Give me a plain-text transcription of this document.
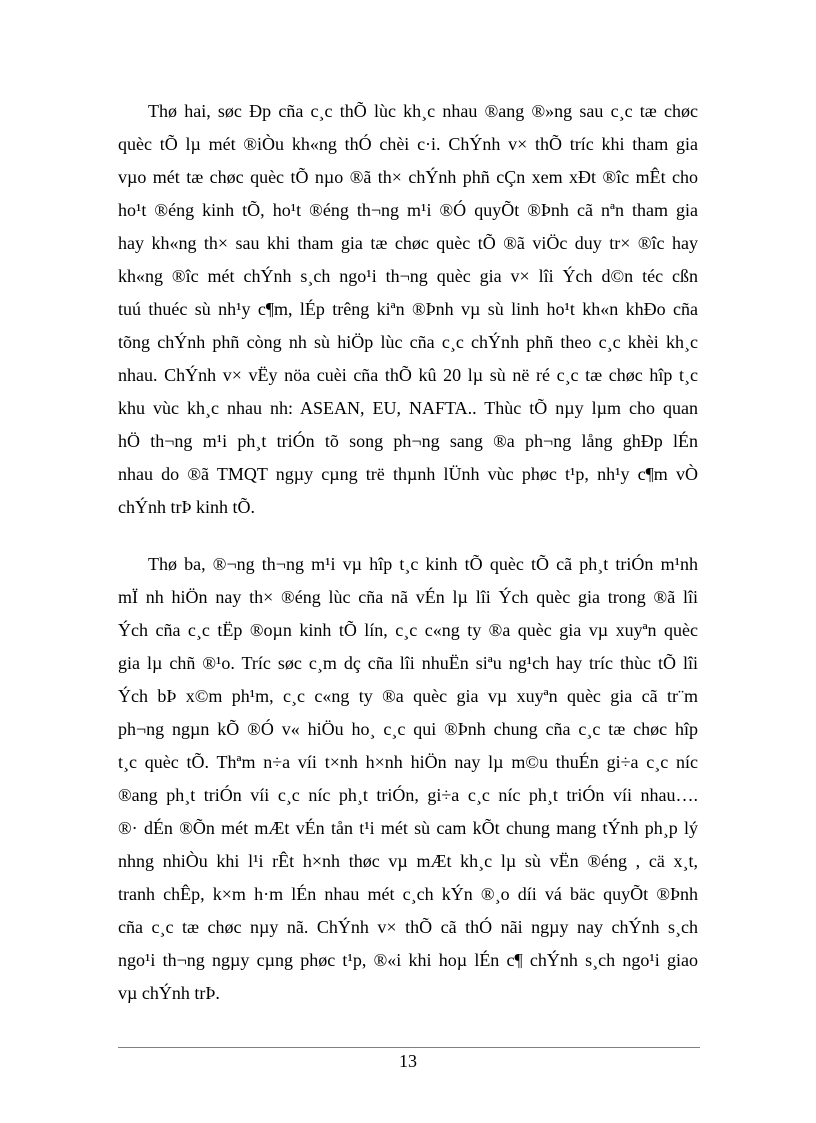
Thø hai, søc Ðp cña c¸c thÕ lùc kh¸c nhau ®ang ®»ng sau c¸c tæ chøc
quèc tÕ lµ mét ®iÒu kh«ng thÓ chèi c·i. ChÝnh v× thÕ tríc khi tham gia
vµo mét tæ chøc quèc tÕ nµo ®ã th× chÝnh phñ cÇn xem xÐt ®îc mÊt cho
ho¹t ®éng kinh tÕ, ho¹t ®éng th¬ng m¹i ®Ó quyÕt ®Þnh cã nªn tham gia
hay kh«ng th× sau khi tham gia tæ chøc quèc tÕ ®ã viÖc duy tr× ®îc hay
kh«ng ®îc mét chÝnh s¸ch ngo¹i th¬ng quèc gia v× lîi Ých d©n téc cßn
tuú thuéc sù nh¹y c¶m, lÉp trêng kiªn ®Þnh vµ sù linh ho¹t kh«n khÐo cña
tõng chÝnh phñ còng nh sù hiÖp lùc cña c¸c chÝnh phñ theo c¸c khèi kh¸c
nhau. ChÝnh v× vËy nöa cuèi cña thÕ kû 20 lµ sù në ré c¸c tæ chøc hîp t¸c
khu vùc kh¸c nhau nh: ASEAN, EU, NAFTA.. Thùc tÕ nµy lµm cho quan
hÖ th¬ng m¹i ph¸t triÓn tõ song ph¬ng sang ®a ph¬ng lång ghÐp lÉn
nhau do ®ã TMQT ngµy cµng trë thµnh lÜnh vùc phøc t¹p, nh¹y c¶m vÒ
chÝnh trÞ kinh tÕ.
Thø ba, ®¬ng th¬ng m¹i vµ hîp t¸c kinh tÕ quèc tÕ cã ph¸t triÓn m¹nh
mÏ nh hiÖn nay th× ®éng lùc cña nã vÉn lµ lîi Ých quèc gia trong ®ã lîi
Ých cña c¸c tËp ®oµn kinh tÕ lín, c¸c c«ng ty ®a quèc gia vµ xuyªn quèc
gia lµ chñ ®¹o. Tríc søc c¸m dç cña lîi nhuËn siªu ng¹ch hay tríc thùc tÕ lîi
Ých bÞ x©m ph¹m, c¸c c«ng ty ®a quèc gia vµ xuyªn quèc gia cã tr¨m
ph¬ng ngµn kÕ ®Ó v« hiÖu ho¸ c¸c qui ®Þnh chung cña c¸c tæ chøc hîp
t¸c quèc tÕ. Thªm n÷a víi t×nh h×nh hiÖn nay lµ m©u thuÉn gi÷a c¸c níc
®ang ph¸t triÓn víi c¸c níc ph¸t triÓn, gi÷a c¸c níc ph¸t triÓn víi nhau….
®· dÉn ®Õn mét mÆt vÉn tån t¹i mét sù cam kÕt chung mang tÝnh ph¸p lý
nhng nhiÒu khi l¹i rÊt h×nh thøc vµ mÆt kh¸c lµ sù vËn ®éng , cä x¸t,
tranh chÊp, k×m h·m lÉn nhau mét c¸ch kÝn ®¸o díi vá bäc quyÕt ®Þnh
cña c¸c tæ chøc nµy nã. ChÝnh v× thÕ cã thÓ nãi ngµy nay chÝnh s¸ch
ngo¹i th¬ng ngµy cµng phøc t¹p, ®«i khi hoµ lÉn c¶ chÝnh s¸ch ngo¹i giao
vµ chÝnh trÞ.
13
